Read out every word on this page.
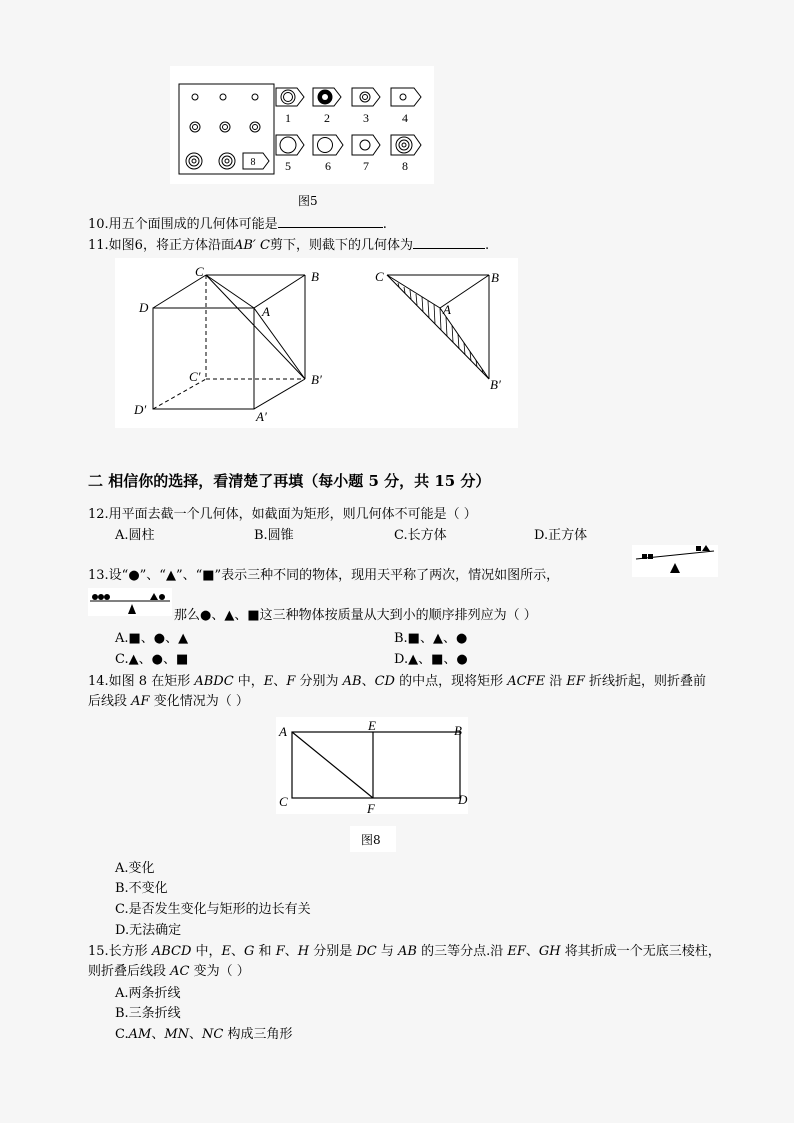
8
1	2	3	4
5	6	7	8
图5
10.用五个面围成的几何体可能是	.
11.如图6，将正方体沿面AB′ C剪下，则截下的几何体为	.
C	B
D	A
C′	B′
D′	A′
C	B
A
B′
二 相信你的选择，看清楚了再填（每小题 5 分，共 15 分）
12.用平面去截一个几何体，如截面为矩形，则几何体不可能是（ ）
A.圆柱	B.圆锥	C.长方体	D.正方体
13.设“●”、“▲”、“■”表示三种不同的物体，现用天平称了两次，情况如图所示，
那么●、▲、■这三种物体按质量从大到小的顺序排列应为（ ）
A.■、●、▲	B.■、▲、●
C.▲、●、■	D.▲、■、●
14.如图 8 在矩形 ABDC 中，E、F 分别为 AB、CD 的中点，现将矩形 ACFE 沿 EF 折线折起，则折叠前
后线段 AF 变化情况为（ ）
A	E	B
C	F
D
图8
A.变化
B.不变化
C.是否发生变化与矩形的边长有关
D.无法确定
15.长方形 ABCD 中，E、G 和 F、H 分别是 DC 与 AB 的三等分点.沿 EF、GH 将其折成一个无底三棱柱，
则折叠后线段 AC 变为（ ）
A.两条折线
B.三条折线
C.AM、MN、NC 构成三角形
